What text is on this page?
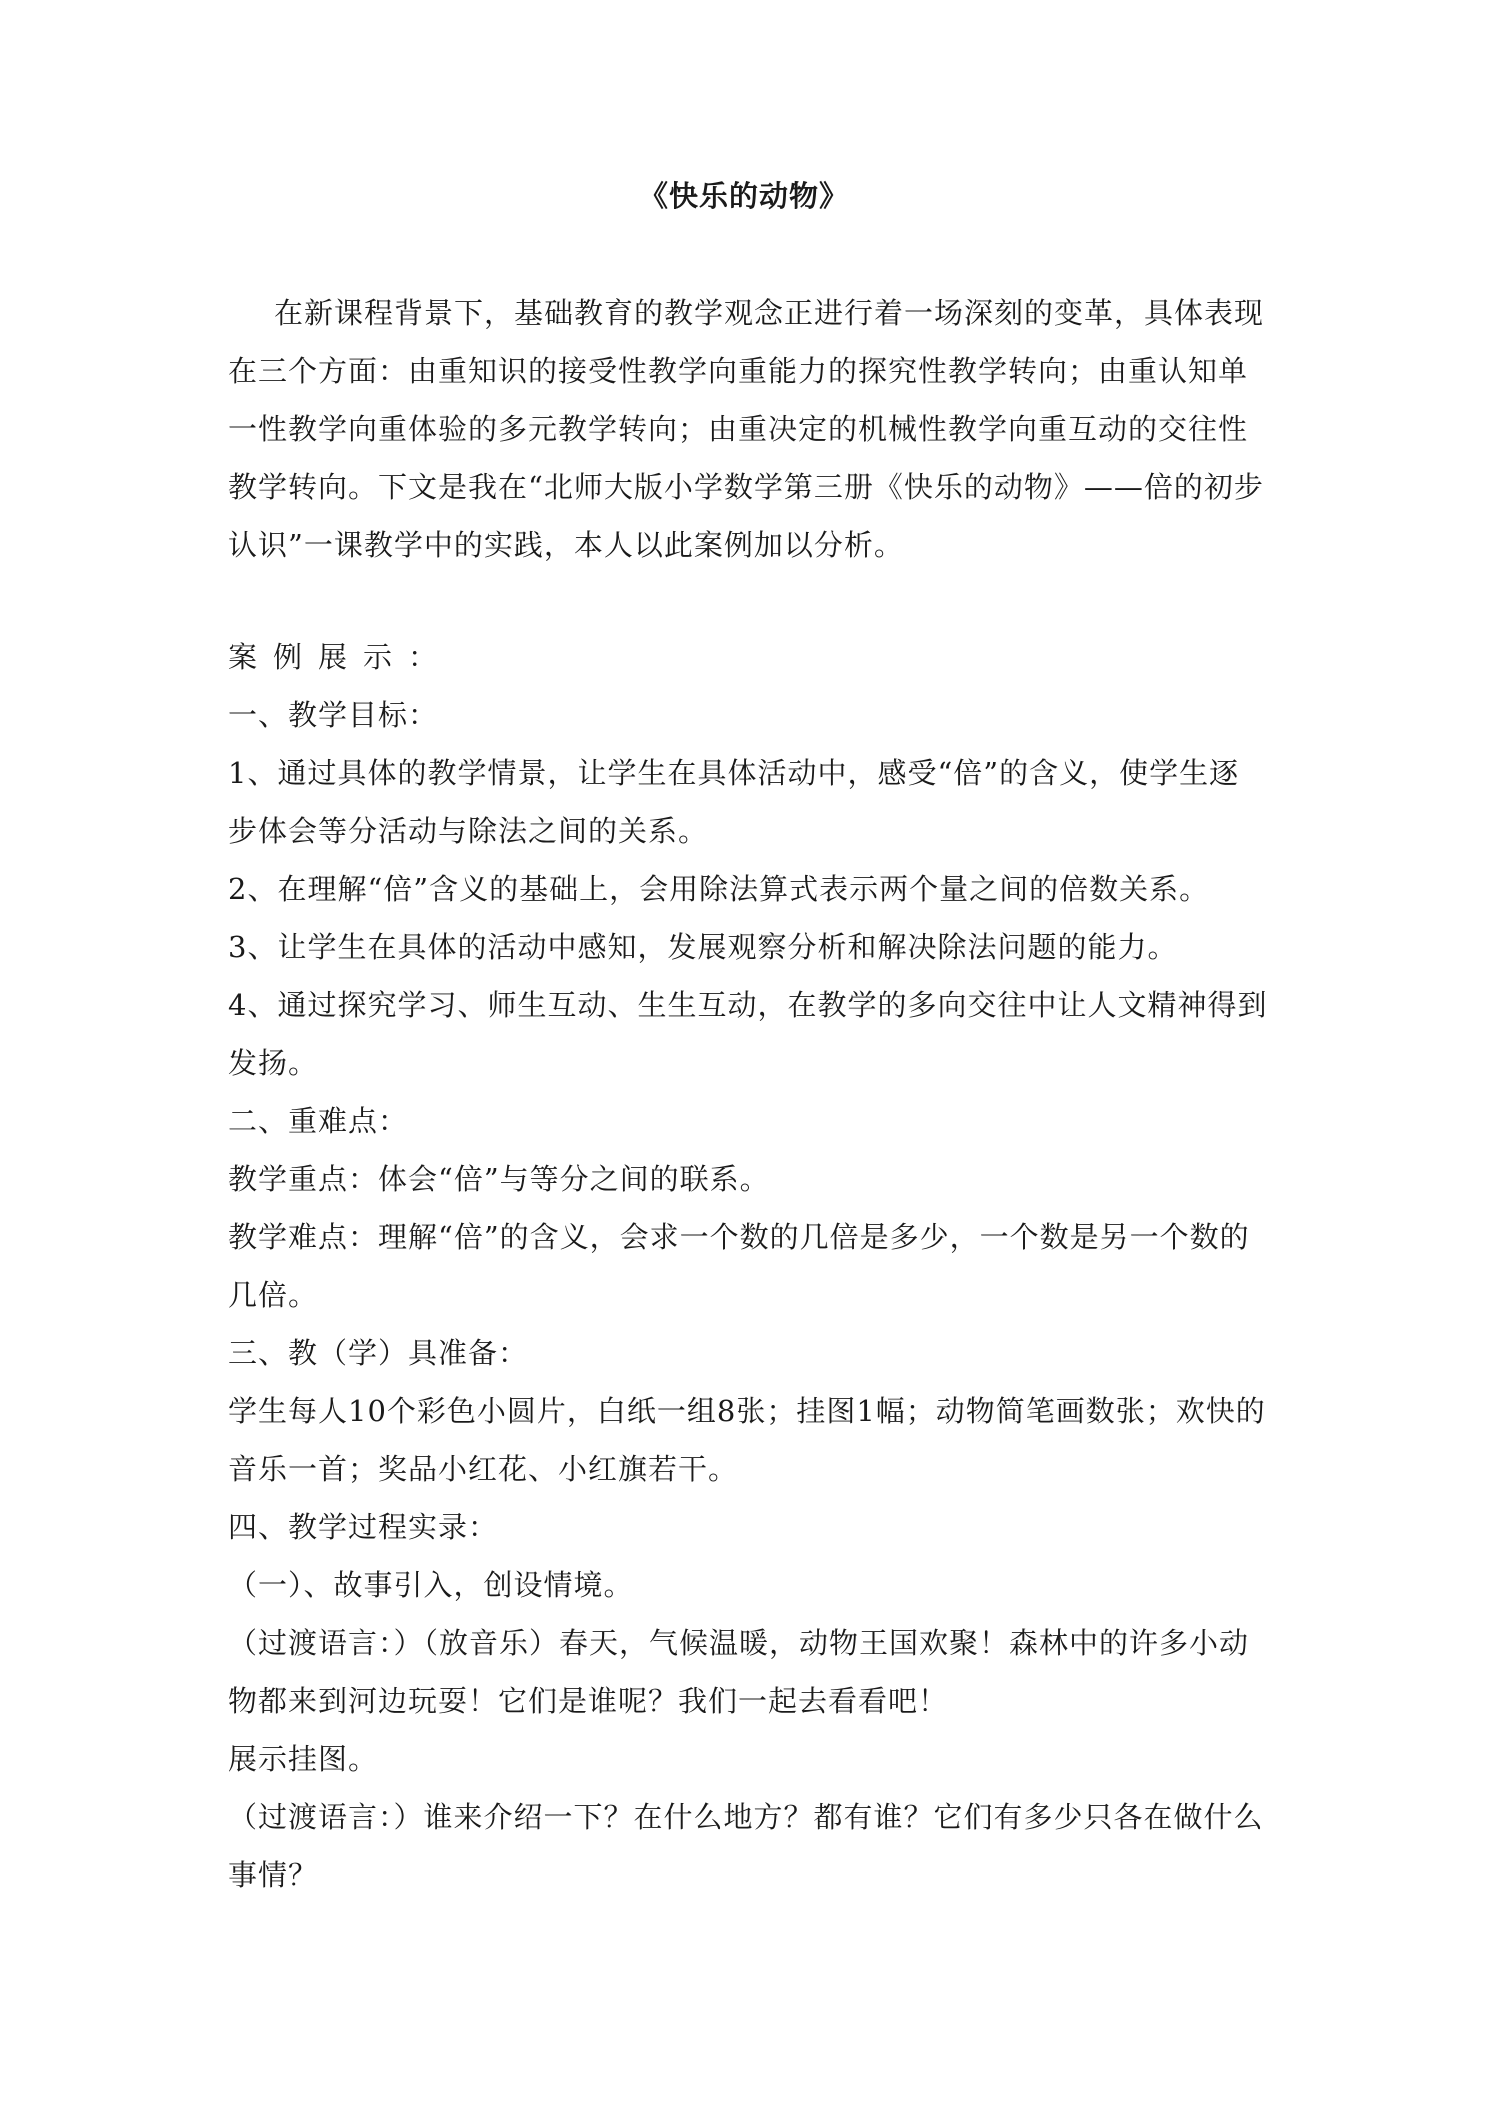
《快乐的动物》
在新课程背景下，基础教育的教学观念正进行着一场深刻的变革，具体表现在三个方面：由重知识的接受性教学向重能力的探究性教学转向；由重认知单一性教学向重体验的多元教学转向；由重决定的机械性教学向重互动的交往性教学转向。下文是我在“北师大版小学数学第三册《快乐的动物》——倍的初步认识”一课教学中的实践，本人以此案例加以分析。
案例展示：
一、教学目标：
1、通过具体的教学情景，让学生在具体活动中，感受“倍”的含义，使学生逐步体会等分活动与除法之间的关系。
2、在理解“倍”含义的基础上，会用除法算式表示两个量之间的倍数关系。
3、让学生在具体的活动中感知，发展观察分析和解决除法问题的能力。
4、通过探究学习、师生互动、生生互动，在教学的多向交往中让人文精神得到发扬。
二、重难点：
教学重点：体会“倍”与等分之间的联系。
教学难点：理解“倍”的含义，会求一个数的几倍是多少，一个数是另一个数的几倍。
三、教（学）具准备：
学生每人10个彩色小圆片，白纸一组8张；挂图1幅；动物简笔画数张；欢快的音乐一首；奖品小红花、小红旗若干。
四、教学过程实录：
（一）、故事引入，创设情境。
（过渡语言：）（放音乐）春天，气候温暖，动物王国欢聚！森林中的许多小动物都来到河边玩耍！它们是谁呢？我们一起去看看吧！
展示挂图。
（过渡语言：）谁来介绍一下？在什么地方？都有谁？它们有多少只各在做什么事情？
